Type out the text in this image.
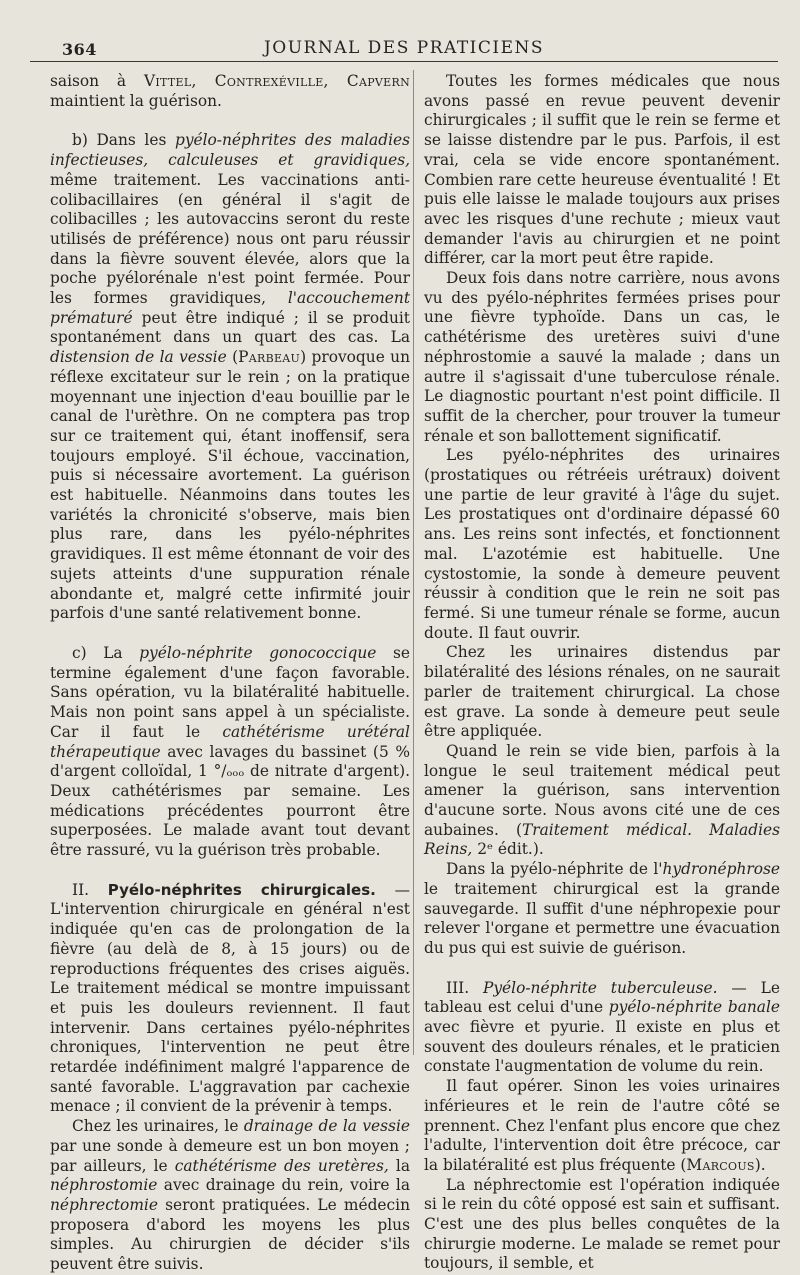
364	JOURNAL DES PRATICIENS

saison à Vittel, Contrexéville, Capvern maintient la guérison.

b) Dans les pyélo-néphrites des maladies infectieuses, calculeuses et gravidiques, même traitement. Les vaccinations anti-colibacillaires (en général il s'agit de colibacilles ; les autovaccins seront du reste utilisés de préférence) nous ont paru réussir dans la fièvre souvent élevée, alors que la poche pyélorénale n'est point fermée. Pour les formes gravidiques, l'accouchement prématuré peut être indiqué ; il se produit spontanément dans un quart des cas. La distension de la vessie (Parbeau) provoque un réflexe excitateur sur le rein ; on la pratique moyennant une injection d'eau bouillie par le canal de l'urèthre. On ne comptera pas trop sur ce traitement qui, étant inoffensif, sera toujours employé. S'il échoue, vaccination, puis si nécessaire avortement. La guérison est habituelle. Néanmoins dans toutes les variétés la chronicité s'observe, mais bien plus rare, dans les pyélo-néphrites gravidiques. Il est même étonnant de voir des sujets atteints d'une suppuration rénale abondante et, malgré cette infirmité jouir parfois d'une santé relativement bonne.

c) La pyélo-néphrite gonococcique se termine également d'une façon favorable. Sans opération, vu la bilatéralité habituelle. Mais non point sans appel à un spécialiste. Car il faut le cathétérisme urétéral thérapeutique avec lavages du bassinet (5 % d'argent colloïdal, 1 °/ₒₒₒ de nitrate d'argent). Deux cathétérismes par semaine. Les médications précédentes pourront être superposées. Le malade avant tout devant être rassuré, vu la guérison très probable.

II. Pyélo-néphrites chirurgicales. — L'intervention chirurgicale en général n'est indiquée qu'en cas de prolongation de la fièvre (au delà de 8, à 15 jours) ou de reproductions fréquentes des crises aiguës. Le traitement médical se montre impuissant et puis les douleurs reviennent. Il faut intervenir. Dans certaines pyélo-néphrites chroniques, l'intervention ne peut être retardée indéfiniment malgré l'apparence de santé favorable. L'aggravation par cachexie menace ; il convient de la prévenir à temps.

Chez les urinaires, le drainage de la vessie par une sonde à demeure est un bon moyen ; par ailleurs, le cathétérisme des uretères, la néphrostomie avec drainage du rein, voire la néphrectomie seront pratiquées. Le médecin proposera d'abord les moyens les plus simples. Au chirurgien de décider s'ils peuvent être suivis.

Toutes les formes médicales que nous avons passé en revue peuvent devenir chirurgicales ; il suffit que le rein se ferme et se laisse distendre par le pus. Parfois, il est vrai, cela se vide encore spontanément. Combien rare cette heureuse éventualité ! Et puis elle laisse le malade toujours aux prises avec les risques d'une rechute ; mieux vaut demander l'avis au chirurgien et ne point différer, car la mort peut être rapide.

Deux fois dans notre carrière, nous avons vu des pyélo-néphrites fermées prises pour une fièvre typhoïde. Dans un cas, le cathétérisme des uretères suivi d'une néphrostomie a sauvé la malade ; dans un autre il s'agissait d'une tuberculose rénale. Le diagnostic pourtant n'est point difficile. Il suffit de la chercher, pour trouver la tumeur rénale et son ballottement significatif.

Les pyélo-néphrites des urinaires (prostatiques ou rétréeis urétraux) doivent une partie de leur gravité à l'âge du sujet. Les prostatiques ont d'ordinaire dépassé 60 ans. Les reins sont infectés, et fonctionnent mal. L'azotémie est habituelle. Une cystostomie, la sonde à demeure peuvent réussir à condition que le rein ne soit pas fermé. Si une tumeur rénale se forme, aucun doute. Il faut ouvrir.

Chez les urinaires distendus par bilatéralité des lésions rénales, on ne saurait parler de traitement chirurgical. La chose est grave. La sonde à demeure peut seule être appliquée.

Quand le rein se vide bien, parfois à la longue le seul traitement médical peut amener la guérison, sans intervention d'aucune sorte. Nous avons cité une de ces aubaines. (Traitement médical. Maladies Reins, 2ᵉ édit.).

Dans la pyélo-néphrite de l'hydronéphrose le traitement chirurgical est la grande sauvegarde. Il suffit d'une néphropexie pour relever l'organe et permettre une évacuation du pus qui est suivie de guérison.

III. Pyélo-néphrite tuberculeuse. — Le tableau est celui d'une pyélo-néphrite banale avec fièvre et pyurie. Il existe en plus et souvent des douleurs rénales, et le praticien constate l'augmentation de volume du rein.

Il faut opérer. Sinon les voies urinaires inférieures et le rein de l'autre côté se prennent. Chez l'enfant plus encore que chez l'adulte, l'intervention doit être précoce, car la bilatéralité est plus fréquente (Marcous).

La néphrectomie est l'opération indiquée si le rein du côté opposé est sain et suffisant. C'est une des plus belles conquêtes de la chirurgie moderne. Le malade se remet pour toujours, il semble, et
